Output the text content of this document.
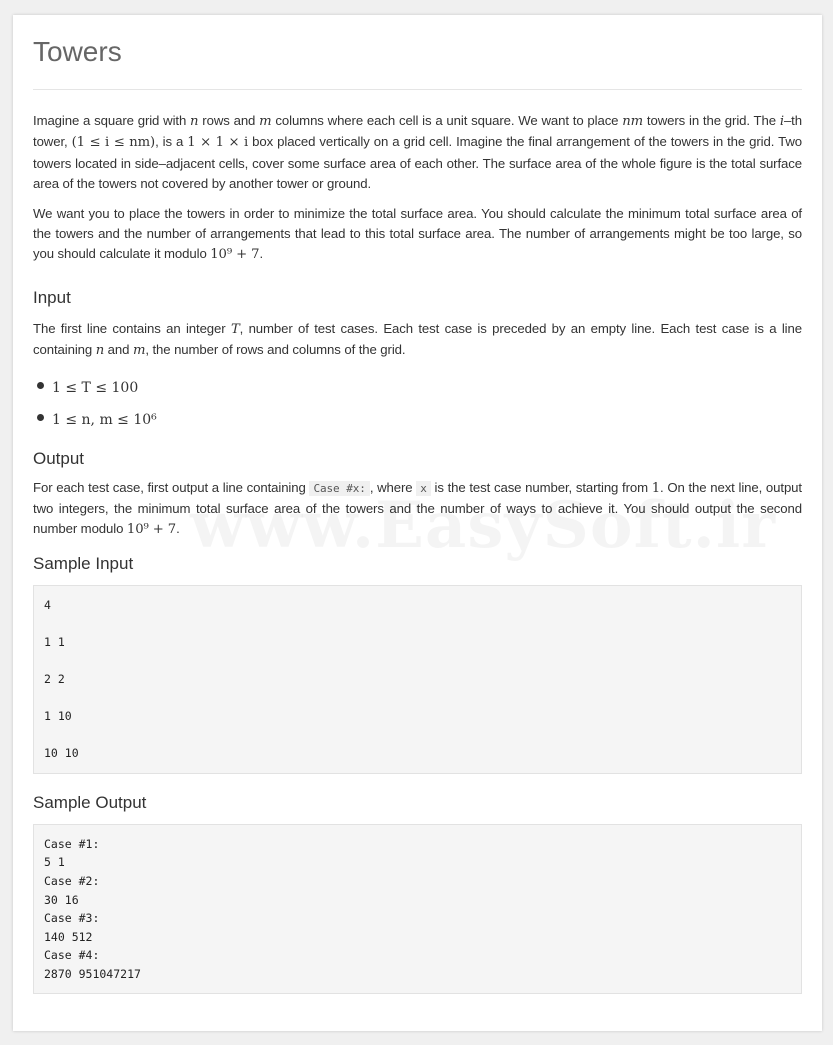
Towers

Imagine a square grid with n rows and m columns where each cell is a unit square. We want to place nm towers in the grid. The i–th tower, (1 ≤ i ≤ nm), is a 1 × 1 × i box placed vertically on a grid cell. Imagine the final arrangement of the towers in the grid. Two towers located in side–adjacent cells, cover some surface area of each other. The surface area of the whole figure is the total surface area of the towers not covered by another tower or ground.

We want you to place the towers in order to minimize the total surface area. You should calculate the minimum total surface area of the towers and the number of arrangements that lead to this total surface area. The number of arrangements might be too large, so you should calculate it modulo 10⁹ + 7.

Input

The first line contains an integer T, number of test cases. Each test case is preceded by an empty line. Each test case is a line containing n and m, the number of rows and columns of the grid.

1 ≤ T ≤ 100
1 ≤ n, m ≤ 10⁶
Output

For each test case, first output a line containing Case #x: , where x is the test case number, starting from 1. On the next line, output two integers, the minimum total surface area of the towers and the number of ways to achieve it. You should output the second number modulo 10⁹ + 7.

Sample Input
4
1 1
2 2
1 10
10 10
Sample Output
Case #1:
5 1
Case #2:
30 16
Case #3:
140 512
Case #4:
2870 951047217
